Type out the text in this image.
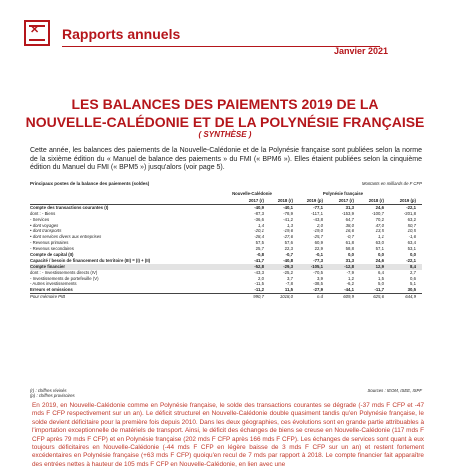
✕ Rapports annuels
Janvier 2021
LES BALANCES DES PAIEMENTS 2019 DE LA
NOUVELLE-CALÉDONIE ET DE LA POLYNÉSIE FRANÇAISE
( SYNTHÈSE )

Cette année, les balances des paiements de la Nouvelle-Calédonie et de la Polynésie française sont publiées selon la norme de la sixième édition du « Manuel de balance des paiements » du FMI (« BPM6 »). Elles étaient publiées selon la cinquième édition du Manuel du FMI (« BPM5 ») jusqu'alors (voir page 5).

Principaux postes de la balance des paiements (soldes)	Montants en milliards de F CFP
Nouvelle-Calédonie	Polynésie française
2017 (r)	2018 (r)	2019 (p)	2017 (r)	2018 (r)	2019 (p)
Compte des transactions courantes (I)	-40,9	-40,1	-77,1	31,3	24,6	-22,1
dont : - Biens	-87,3	-78,9	-117,1	-153,9	-100,7	-201,8
- Services	-36,6	-41,2	-43,8	64,7	70,2	63,2
• dont voyages	1,4	1,3	2,0	38,0	47,0	50,7
• dont transports	-20,1	-19,6	-19,0	16,6	13,5	10,5
• dont services divers aux entreprises	-28,4	-27,6	-25,7	-0,7	1,1	-1,6
- Revenus primaires	57,5	57,6	60,9	61,8	63,0	63,4
- Revenus secondaires	25,7	22,3	22,9	58,8	57,1	53,1
Compte de capital (II)	-0,8	-0,7	-0,1	0,0	0,0	0,0
Capacité / besoin de financement du territoire (III) = (I) + (II)	-41,7	-40,8	-77,3	31,3	24,6	-22,1
Compte financier	-52,8	-29,3	-105,1	-12,8	12,9	8,4
dont : - Investissements directs (IV)	-43,3	-25,2	-70,5	-7,9	6,4	2,7
- Investissements de portefeuille (V)	2,0	3,7	3,9	1,2	1,5	0,6
- Autres investissements	-11,5	-7,8	-38,5	-6,2	5,0	5,1
Erreurs et omissions	-11,2	11,5	-27,9	-44,1	-11,7	30,5
Pour mémoire PIB	990,7	1018,0	n.d	609,9	625,6	644,9
(r) : chiffres révisés
(p) : chiffres provisoires
Sources : IEOM, ISEE, ISPF

En 2019, en Nouvelle-Calédonie comme en Polynésie française, le solde des transactions courantes se dégrade (-37 mds F CFP et -47 mds F CFP respectivement sur un an). Le déficit structurel en Nouvelle-Calédonie double quasiment tandis qu'en Polynésie française, le solde devient déficitaire pour la première fois depuis 2010. Dans les deux géographies, ces évolutions sont en grande partie attribuables à l'importation exceptionnelle de matériels de transport. Ainsi, le déficit des échanges de biens se creuse en Nouvelle-Calédonie (117 mds F CFP après 79 mds F CFP) et en Polynésie française (202 mds F CFP après 166 mds F CFP). Les échanges de services sont quant à eux toujours déficitaires en Nouvelle-Calédonie (-44 mds F CFP en légère baisse de 3 mds F CFP sur un an) et restent fortement excédentaires en Polynésie française (+63 mds F CFP) quoiqu'en recul de 7 mds par rapport à 2018. Le compte financier fait apparaître des entrées nettes à hauteur de 105 mds F CFP en Nouvelle-Calédonie, en lien avec une
